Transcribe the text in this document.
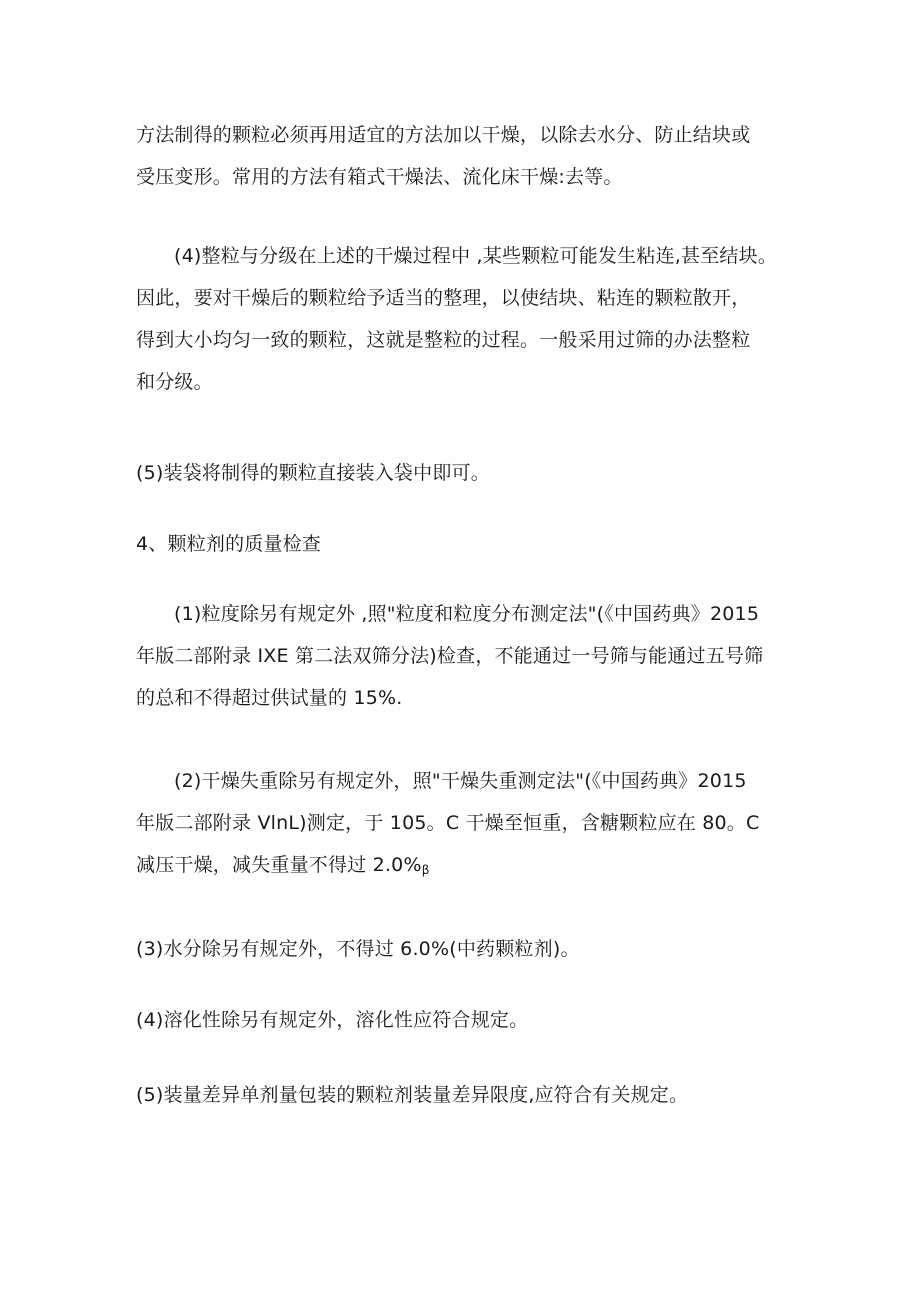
方法制得的颗粒必须再用适宜的方法加以干燥，以除去水分、防止结块或
受压变形。常用的方法有箱式干燥法、流化床干燥:去等。

(4)整粒与分级在上述的干燥过程中 ,某些颗粒可能发生粘连,甚至结块。
因此，要对干燥后的颗粒给予适当的整理，以使结块、粘连的颗粒散开，
得到大小均匀一致的颗粒，这就是整粒的过程。一般采用过筛的办法整粒
和分级。

(5)装袋将制得的颗粒直接装入袋中即可。

4、颗粒剂的质量检查

(1)粒度除另有规定外 ,照"粒度和粒度分布测定法"(《中国药典》2015
年版二部附录 IXE 第二法双筛分法)检查，不能通过一号筛与能通过五号筛
的总和不得超过供试量的 15%.

(2)干燥失重除另有规定外，照"干燥失重测定法"(《中国药典》2015
年版二部附录 VlnL)测定，于 105。C 干燥至恒重，含糖颗粒应在 80。C
减压干燥，减失重量不得过 $2.0\%_\beta$

(3)水分除另有规定外，不得过 6.0%(中药颗粒剂)。

(4)溶化性除另有规定外，溶化性应符合规定。

(5)装量差异单剂量包装的颗粒剂装量差异限度,应符合有关规定。
